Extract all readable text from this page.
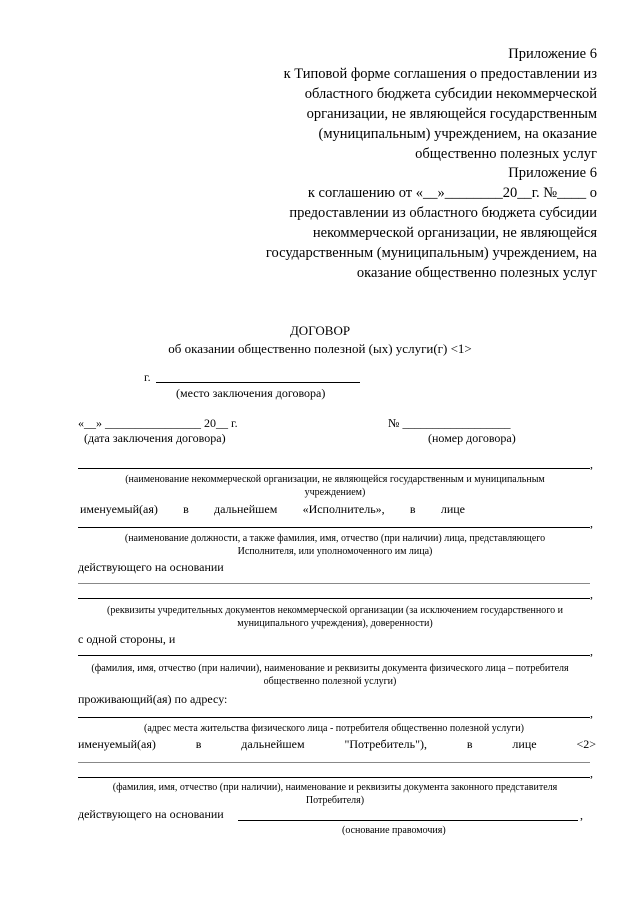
Приложение 6
к Типовой форме соглашения о предоставлении из
областного бюджета субсидии некоммерческой
организации, не являющейся государственным
(муниципальным) учреждением, на оказание
общественно полезных услуг
Приложение 6
к соглашению от «__»________20__г. №____ о
предоставлении из областного бюджета субсидии
некоммерческой организации, не являющейся
государственным (муниципальным) учреждением, на
оказание общественно полезных услуг
ДОГОВОР
об оказании общественно полезной (ых) услуги(г) <1>
г.
(место заключения договора)
«__» ________________ 20__ г.
(дата заключения договора)
№ __________________
(номер договора)
,
(наименование некоммерческой организации, не являющейся государственным и муниципальным учреждением)
именуемый(ая) в дальнейшем «Исполнитель», в лице
,
(наименование должности, а также фамилия, имя, отчество (при наличии) лица, представляющего Исполнителя, или уполномоченного им лица)
действующего на основании
,
(реквизиты учредительных документов некоммерческой организации (за исключением государственного и муниципального учреждения), доверенности)
с одной стороны, и
,
(фамилия, имя, отчество (при наличии), наименование и реквизиты документа физического лица – потребителя общественно полезной услуги)
проживающий(ая) по адресу:
,
(адрес места жительства физического лица - потребителя общественно полезной услуги)
именуемый(ая)	в	дальнейшем	"Потребитель"),	в	лице	<2>
,
(фамилия, имя, отчество (при наличии), наименование и реквизиты документа законного представителя Потребителя)
действующего на основании	,
(основание правомочия)
